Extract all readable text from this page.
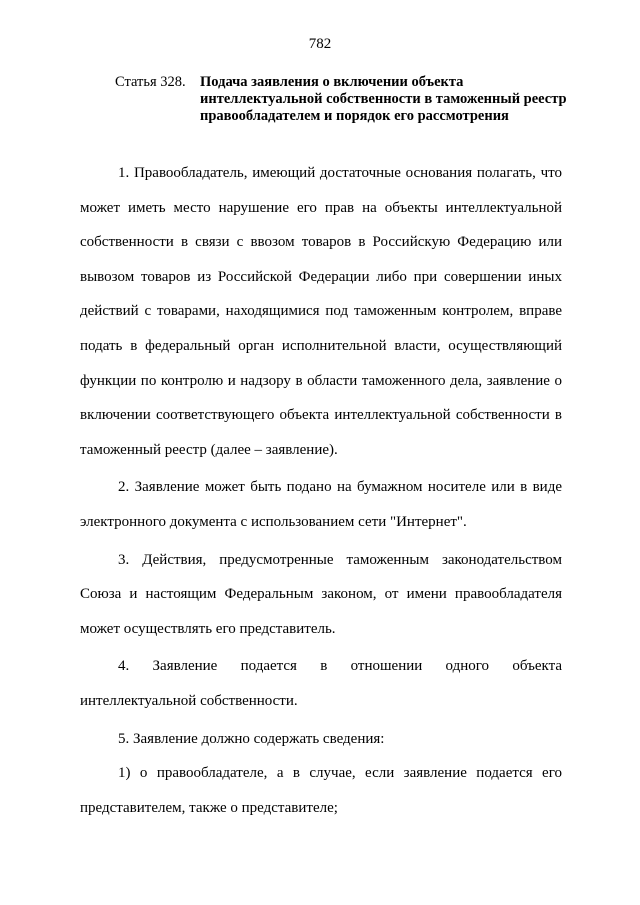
782
Статья 328. Подача заявления о включении объекта интеллектуальной собственности в таможенный реестр правообладателем и порядок его рассмотрения

1. Правообладатель, имеющий достаточные основания полагать, что может иметь место нарушение его прав на объекты интеллектуальной собственности в связи с ввозом товаров в Российскую Федерацию или вывозом товаров из Российской Федерации либо при совершении иных действий с товарами, находящимися под таможенным контролем, вправе подать в федеральный орган исполнительной власти, осуществляющий функции по контролю и надзору в области таможенного дела, заявление о включении соответствующего объекта интеллектуальной собственности в таможенный реестр (далее – заявление).

2. Заявление может быть подано на бумажном носителе или в виде электронного документа с использованием сети "Интернет".

3. Действия, предусмотренные таможенным законодательством Союза и настоящим Федеральным законом, от имени правообладателя может осуществлять его представитель.

4. Заявление подается в отношении одного объекта интеллектуальной собственности.

5. Заявление должно содержать сведения:

1) о правообладателе, а в случае, если заявление подается его представителем, также о представителе;
